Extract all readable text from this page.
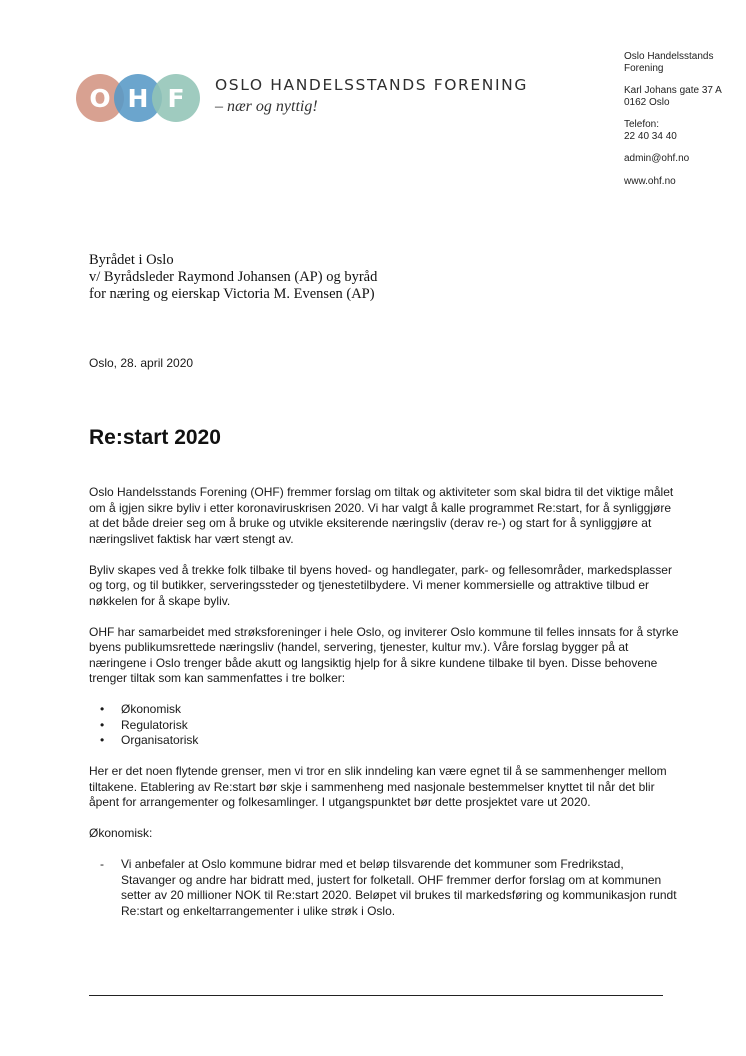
O H F	OSLO HANDELSSTANDS FORENING
– nær og nyttig!

Oslo Handelsstands Forening

Karl Johans gate 37 A
0162 Oslo

Telefon:
22 40 34 40

admin@ohf.no

www.ohf.no

Byrådet i Oslo
v/ Byrådsleder Raymond Johansen (AP) og byråd
for næring og eierskap Victoria M. Evensen (AP)
Oslo, 28. april 2020
Re:start 2020

Oslo Handelsstands Forening (OHF) fremmer forslag om tiltak og aktiviteter som skal bidra til det viktige målet om å igjen sikre byliv i etter koronaviruskrisen 2020. Vi har valgt å kalle programmet Re:start, for å synliggjøre at det både dreier seg om å bruke og utvikle eksiterende næringsliv (derav re-) og start for å synliggjøre at næringslivet faktisk har vært stengt av.

Byliv skapes ved å trekke folk tilbake til byens hoved- og handlegater, park- og fellesområder, markedsplasser og torg, og til butikker, serveringssteder og tjenestetilbydere. Vi mener kommersielle og attraktive tilbud er nøkkelen for å skape byliv.

OHF har samarbeidet med strøksforeninger i hele Oslo, og inviterer Oslo kommune til felles innsats for å styrke byens publikumsrettede næringsliv (handel, servering, tjenester, kultur mv.). Våre forslag bygger på at næringene i Oslo trenger både akutt og langsiktig hjelp for å sikre kundene tilbake til byen. Disse behovene trenger tiltak som kan sammenfattes i tre bolker:

• Økonomisk
• Regulatorisk
• Organisatorisk

Her er det noen flytende grenser, men vi tror en slik inndeling kan være egnet til å se sammenhenger mellom tiltakene. Etablering av Re:start bør skje i sammenheng med nasjonale bestemmelser knyttet til når det blir åpent for arrangementer og folkesamlinger. I utgangspunktet bør dette prosjektet vare ut 2020.

Økonomisk:

- Vi anbefaler at Oslo kommune bidrar med et beløp tilsvarende det kommuner som Fredrikstad, Stavanger og andre har bidratt med, justert for folketall. OHF fremmer derfor forslag om at kommunen setter av 20 millioner NOK til Re:start 2020. Beløpet vil brukes til markedsføring og kommunikasjon rundt Re:start og enkeltarrangementer i ulike strøk i Oslo.
